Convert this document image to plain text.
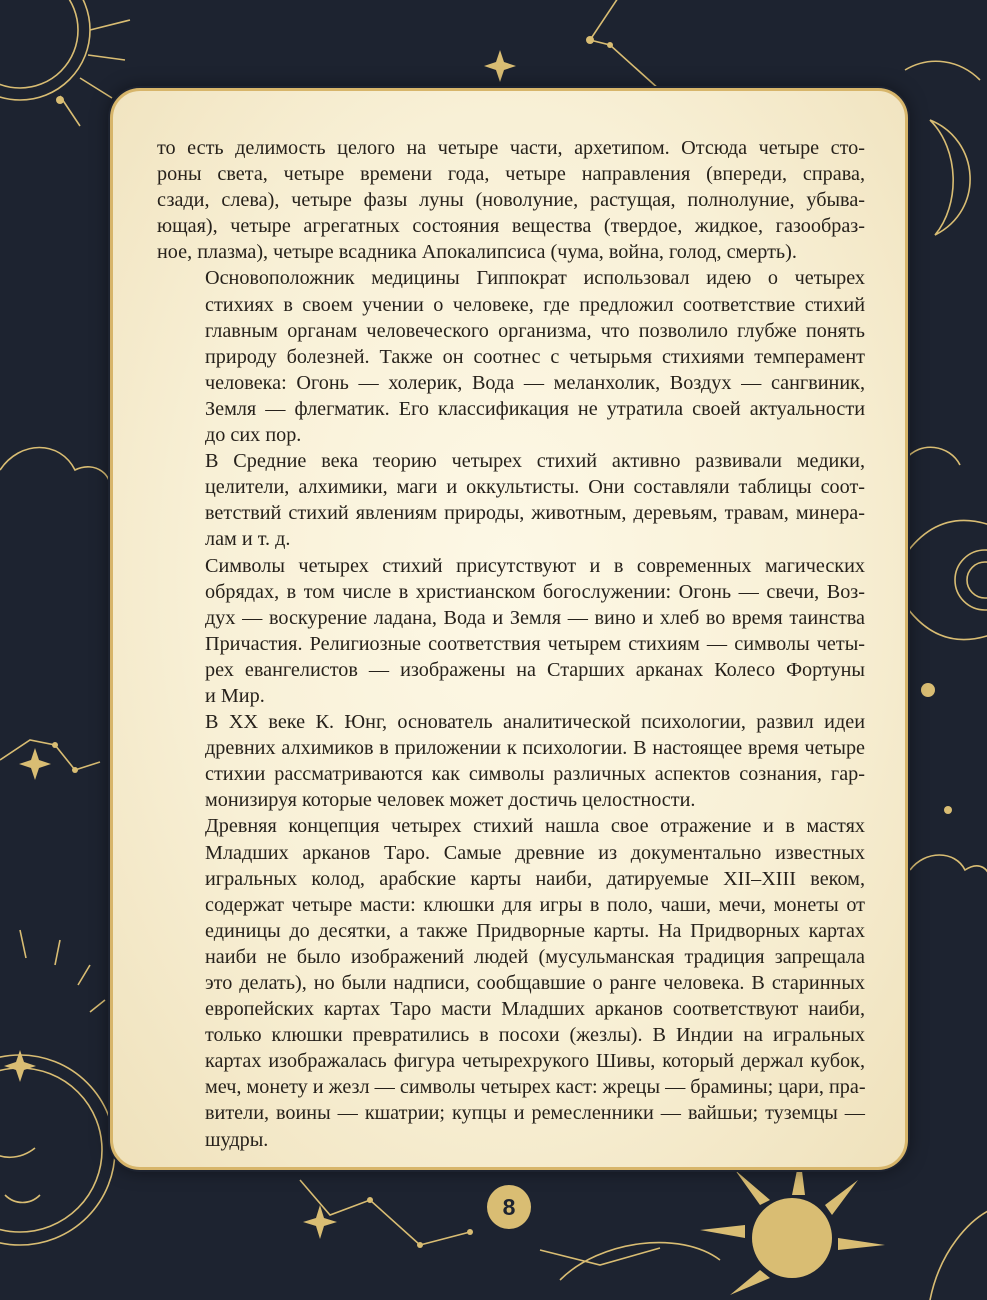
то есть делимость целого на четыре части, архетипом. Отсюда четыре сто-
роны света, четыре времени года, четыре направления (впереди, справа,
сзади, слева), четыре фазы луны (новолуние, растущая, полнолуние, убыва-
ющая), четыре агрегатных состояния вещества (твердое, жидкое, газообраз-
ное, плазма), четыре всадника Апокалипсиса (чума, война, голод, смерть).

Основоположник медицины Гиппократ использовал идею о четырех
стихиях в своем учении о человеке, где предложил соответствие стихий
главным органам человеческого организма, что позволило глубже понять
природу болезней. Также он соотнес с четырьмя стихиями темперамент
человека: Огонь — холерик, Вода — меланхолик, Воздух — сангвиник,
Земля — флегматик. Его классификация не утратила своей актуальности
до сих пор.

В Средние века теорию четырех стихий активно развивали медики,
целители, алхимики, маги и оккультисты. Они составляли таблицы соот-
ветствий стихий явлениям природы, животным, деревьям, травам, минера-
лам и т. д.

Символы четырех стихий присутствуют и в современных магических
обрядах, в том числе в христианском богослужении: Огонь — свечи, Воз-
дух — воскурение ладана, Вода и Земля — вино и хлеб во время таинства
Причастия. Религиозные соответствия четырем стихиям — символы четы-
рех евангелистов — изображены на Старших арканах Колесо Фортуны
и Мир.

В XX веке К. Юнг, основатель аналитической психологии, развил идеи
древних алхимиков в приложении к психологии. В настоящее время четыре
стихии рассматриваются как символы различных аспектов сознания, гар-
монизируя которые человек может достичь целостности.

Древняя концепция четырех стихий нашла свое отражение и в мастях
Младших арканов Таро. Самые древние из документально известных
игральных колод, арабские карты наиби, датируемые XII–XIII веком,
содержат четыре масти: клюшки для игры в поло, чаши, мечи, монеты от
единицы до десятки, а также Придворные карты. На Придворных картах
наиби не было изображений людей (мусульманская традиция запрещала
это делать), но были надписи, сообщавшие о ранге человека. В старинных
европейских картах Таро масти Младших арканов соответствуют наиби,
только клюшки превратились в посохи (жезлы). В Индии на игральных
картах изображалась фигура четырехрукого Шивы, который держал кубок,
меч, монету и жезл — символы четырех каст: жрецы — брамины; цари, пра-
вители, воины — кшатрии; купцы и ремесленники — вайшьи; туземцы —
шудры.

8
